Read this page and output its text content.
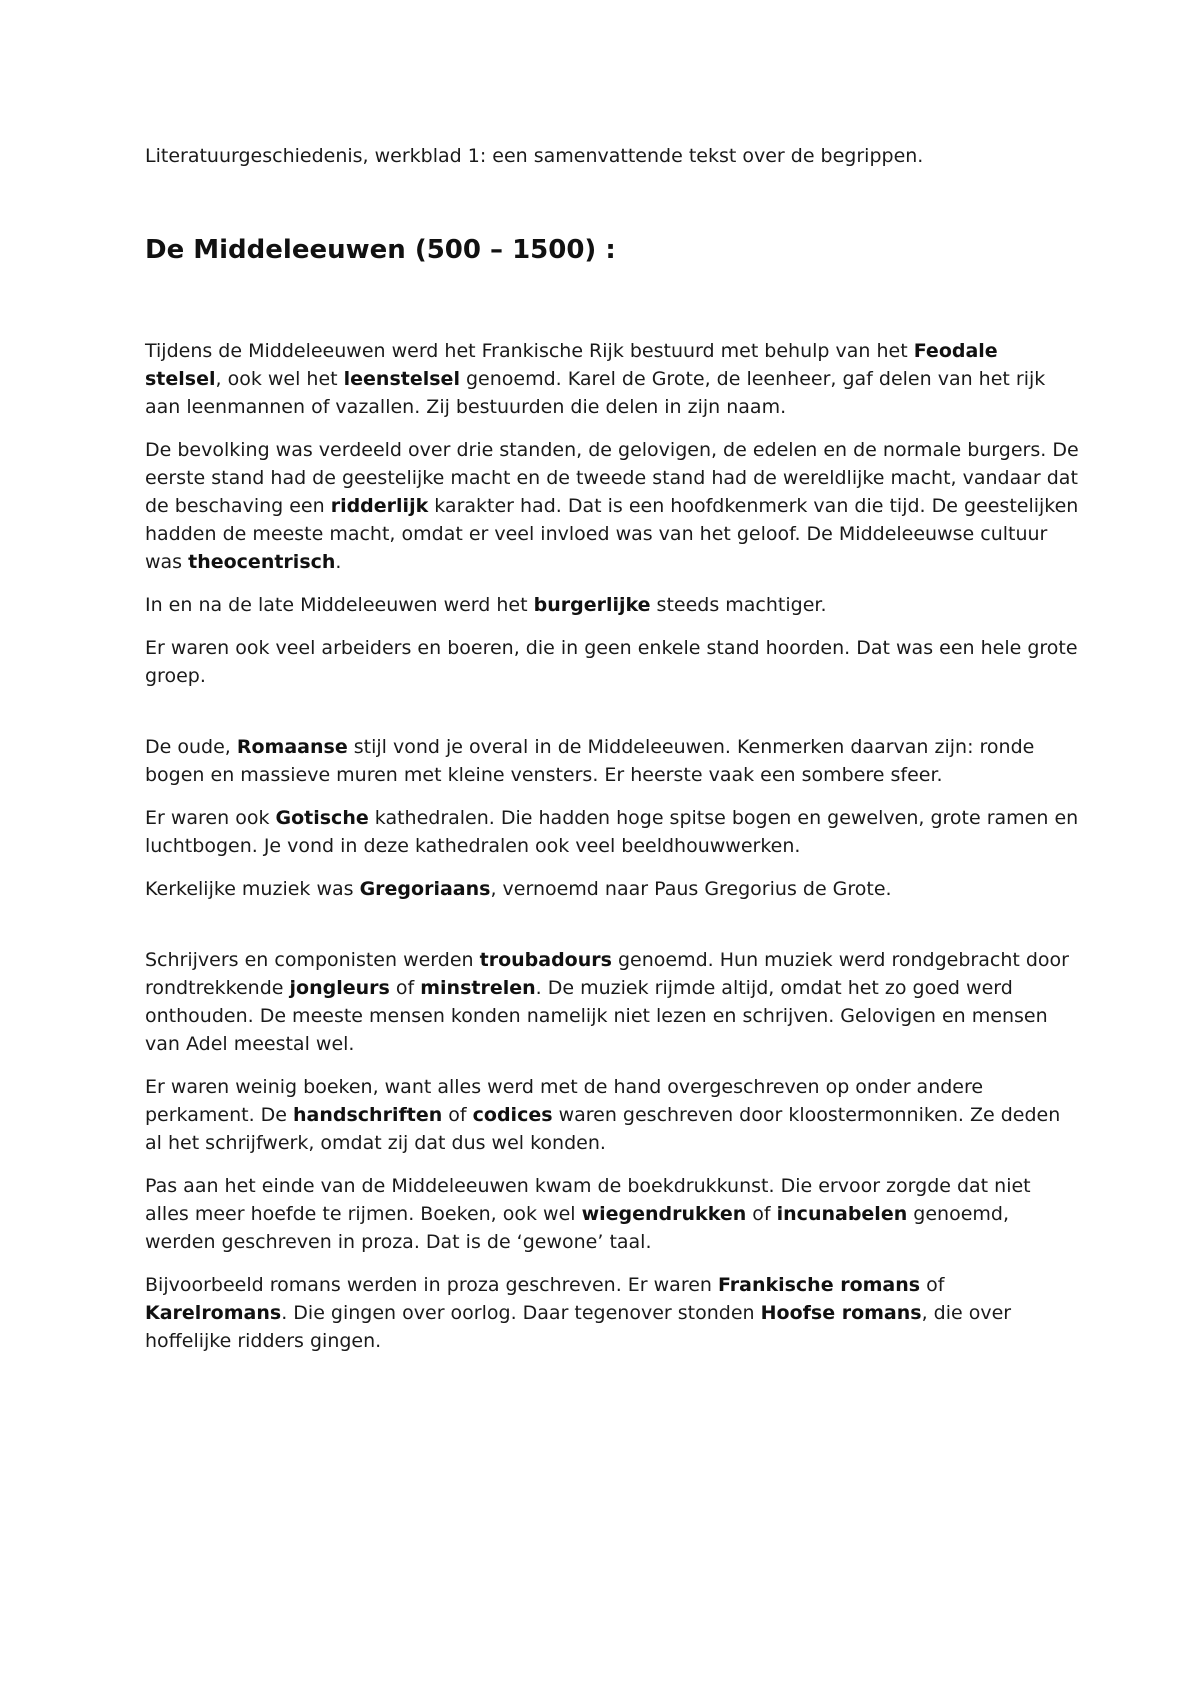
Literatuurgeschiedenis, werkblad 1: een samenvattende tekst over de begrippen.

De Middeleeuwen (500 – 1500) :

Tijdens de Middeleeuwen werd het Frankische Rijk bestuurd met behulp van het Feodale stelsel, ook wel het leenstelsel genoemd. Karel de Grote, de leenheer, gaf delen van het rijk aan leenmannen of vazallen. Zij bestuurden die delen in zijn naam.

De bevolking was verdeeld over drie standen, de gelovigen, de edelen en de normale burgers. De eerste stand had de geestelijke macht en de tweede stand had de wereldlijke macht, vandaar dat de beschaving een ridderlijk karakter had. Dat is een hoofdkenmerk van die tijd. De geestelijken hadden de meeste macht, omdat er veel invloed was van het geloof. De Middeleeuwse cultuur was theocentrisch.

In en na de late Middeleeuwen werd het burgerlijke steeds machtiger.

Er waren ook veel arbeiders en boeren, die in geen enkele stand hoorden. Dat was een hele grote groep.

De oude, Romaanse stijl vond je overal in de Middeleeuwen. Kenmerken daarvan zijn: ronde bogen en massieve muren met kleine vensters. Er heerste vaak een sombere sfeer.

Er waren ook Gotische kathedralen. Die hadden hoge spitse bogen en gewelven, grote ramen en luchtbogen. Je vond in deze kathedralen ook veel beeldhouwwerken.

Kerkelijke muziek was Gregoriaans, vernoemd naar Paus Gregorius de Grote.

Schrijvers en componisten werden troubadours genoemd. Hun muziek werd rondgebracht door rondtrekkende jongleurs of minstrelen. De muziek rijmde altijd, omdat het zo goed werd onthouden. De meeste mensen konden namelijk niet lezen en schrijven. Gelovigen en mensen van Adel meestal wel.

Er waren weinig boeken, want alles werd met de hand overgeschreven op onder andere perkament. De handschriften of codices waren geschreven door kloostermonniken. Ze deden al het schrijfwerk, omdat zij dat dus wel konden.

Pas aan het einde van de Middeleeuwen kwam de boekdrukkunst. Die ervoor zorgde dat niet alles meer hoefde te rijmen. Boeken, ook wel wiegendrukken of incunabelen genoemd, werden geschreven in proza. Dat is de ‘gewone’ taal.

Bijvoorbeeld romans werden in proza geschreven. Er waren Frankische romans of Karelromans. Die gingen over oorlog. Daar tegenover stonden Hoofse romans, die over hoffelijke ridders gingen.
